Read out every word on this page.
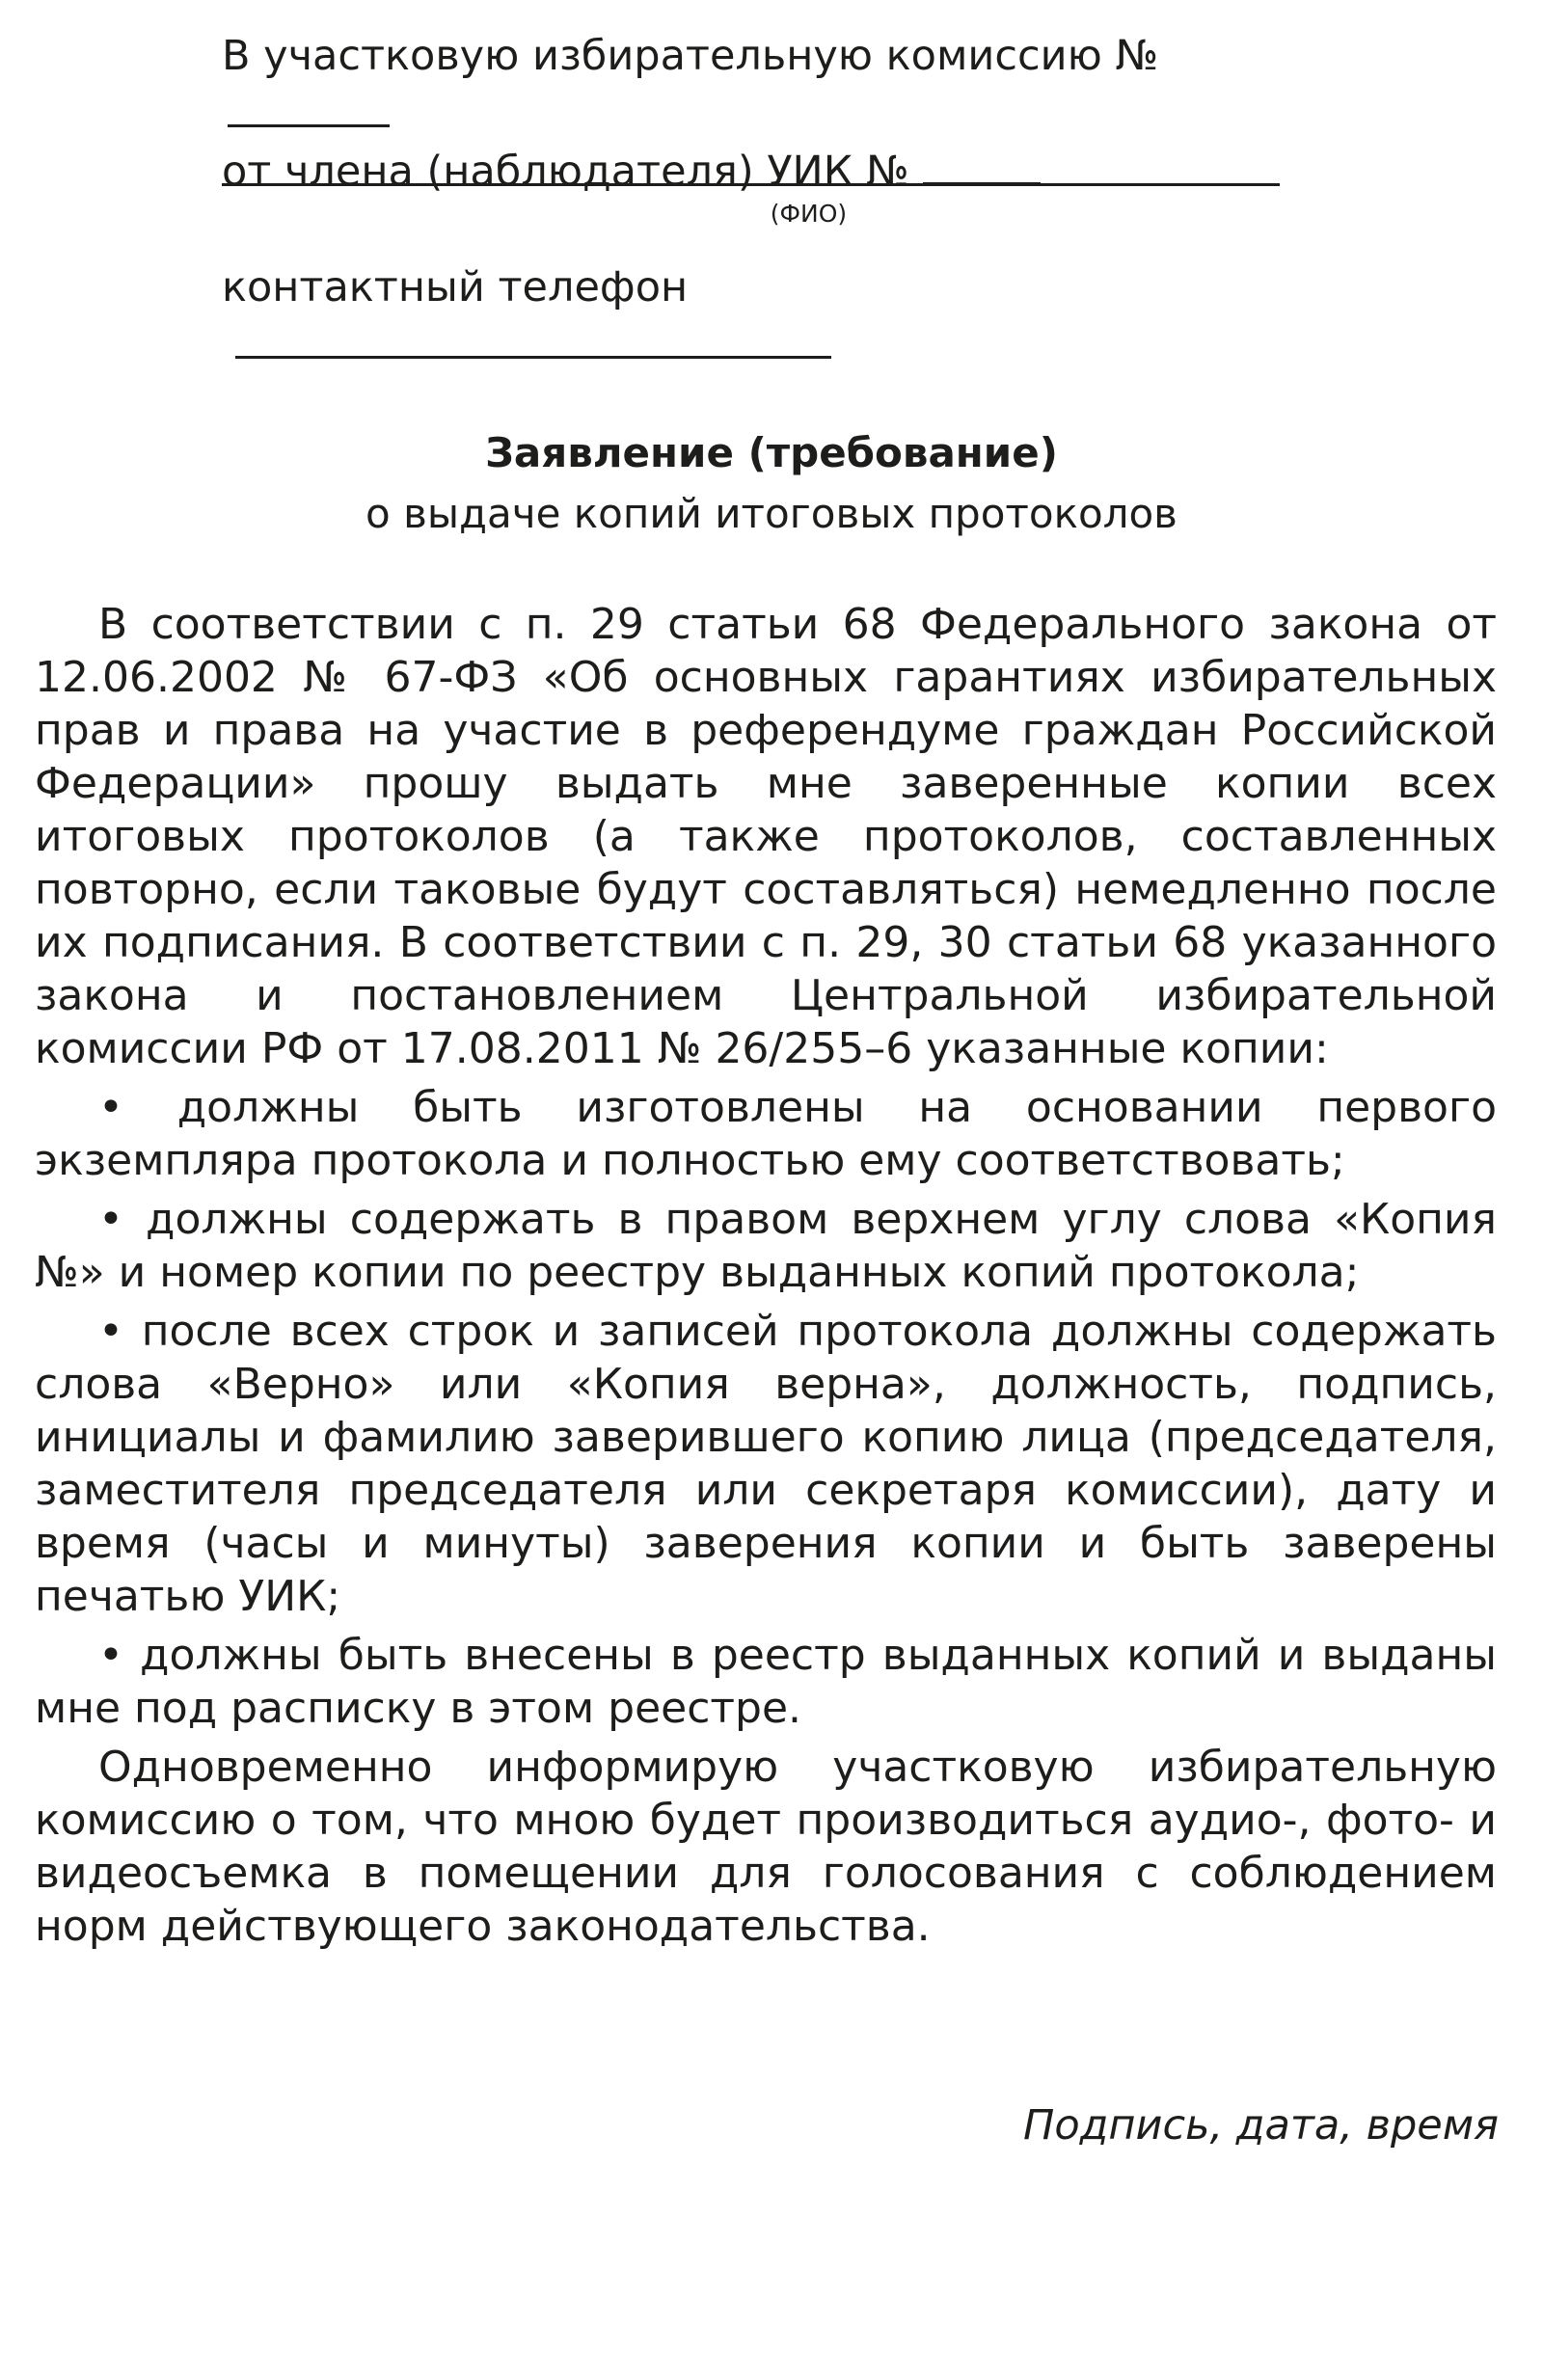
В участковую избирательную комиссию №
от члена (наблюдателя) УИК №
(ФИО)
контактный телефон
Заявление (требование)
о выдаче копий итоговых протоколов

В соответствии с п. 29 статьи 68 Федерального закона от 12.06.2002 № 67-ФЗ «Об основных гарантиях избирательных прав и права на участие в референдуме граждан Российской Федерации» прошу выдать мне заверенные копии всех итоговых протоколов (а также протоколов, составленных повторно, если таковые будут составляться) немедленно после их подписания. В соответствии с п. 29, 30 статьи 68 указанного закона и постановлением Центральной избирательной комиссии РФ от 17.08.2011 № 26/255–6 указанные копии:

• должны быть изготовлены на основании первого экземпляра протокола и полностью ему соответствовать;

• должны содержать в правом верхнем углу слова «Копия №» и номер копии по реестру выданных копий протокола;

• после всех строк и записей протокола должны содержать слова «Верно» или «Копия верна», должность, подпись, инициалы и фамилию заверившего копию лица (председателя, заместителя председателя или секретаря комиссии), дату и время (часы и минуты) заверения копии и быть заверены печатью УИК;

• должны быть внесены в реестр выданных копий и выданы мне под расписку в этом реестре.

Одновременно информирую участковую избирательную комиссию о том, что мною будет производиться аудио-, фото- и видеосъемка в помещении для голосования с соблюдением норм действующего законодательства.

Подпись, дата, время
